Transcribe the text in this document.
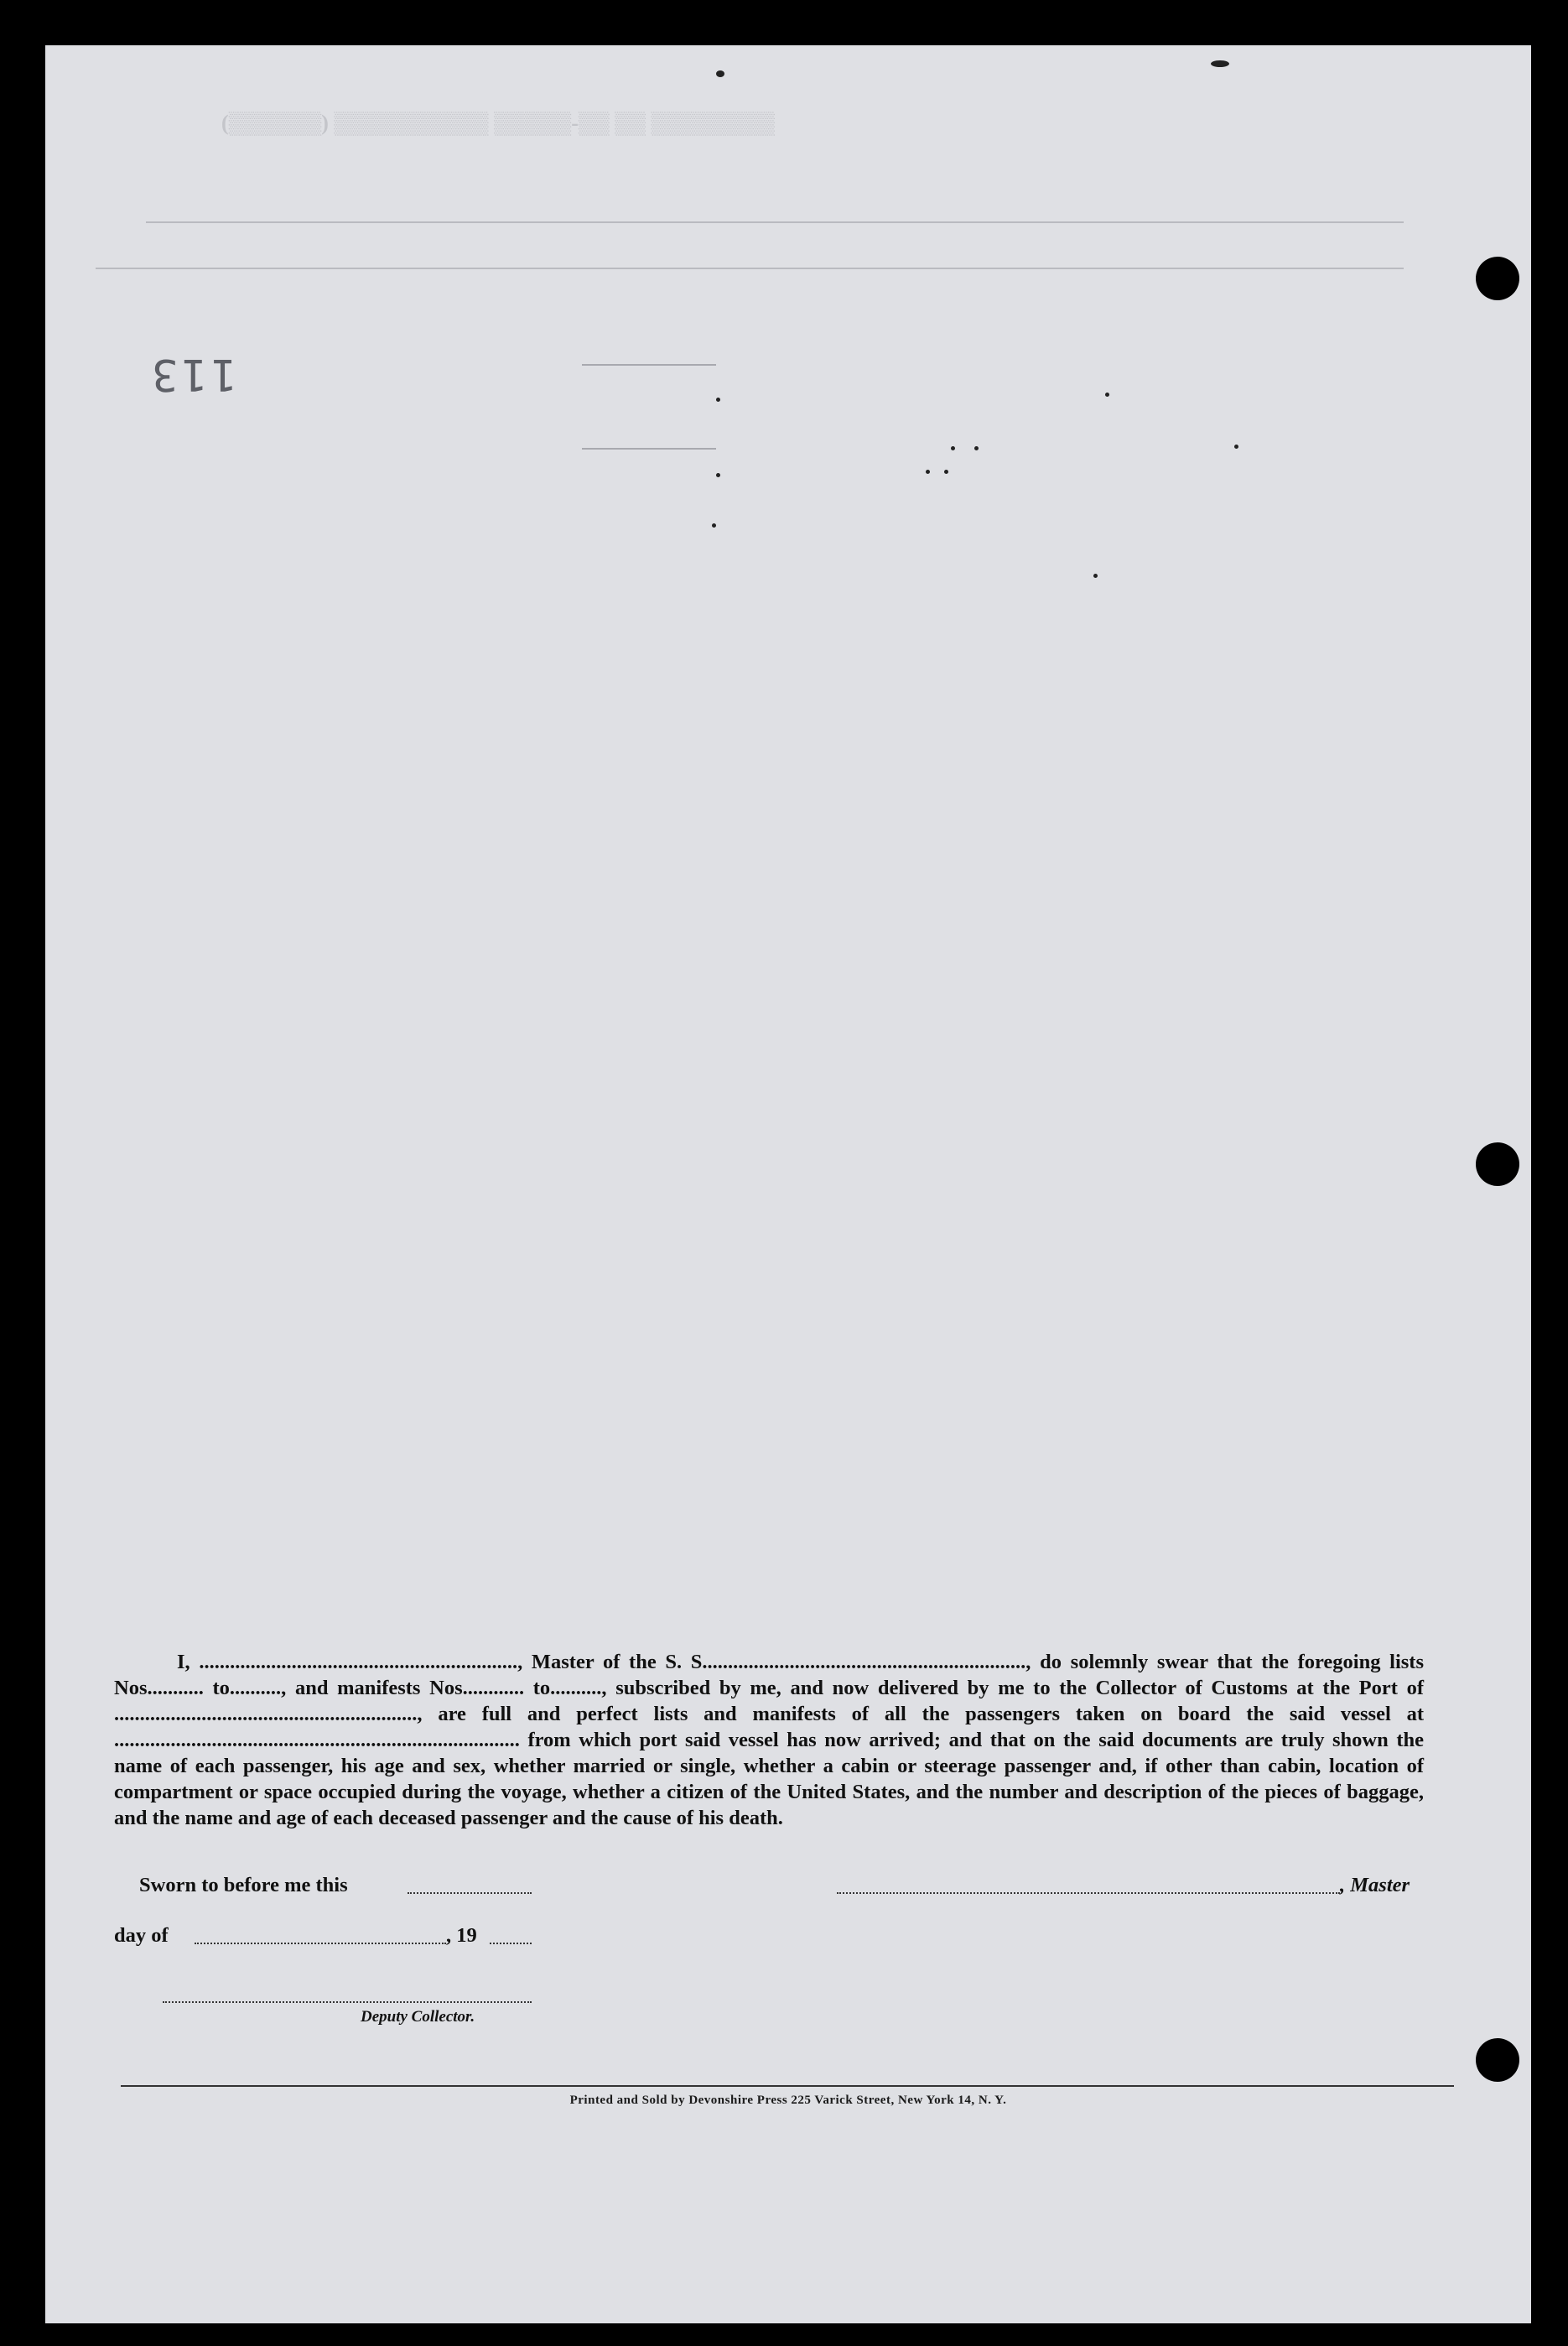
▒▒▒▒▒▒▒▒ ▒▒ ▒▒-▒▒▒▒▒ ▒▒▒▒▒▒▒▒▒▒ (▒▒▒▒▒▒)
113

I, .............................................................., Master of the S. S..............................................................., do solemnly swear that the foregoing lists Nos........... to.........., and manifests Nos............ to.........., subscribed by me, and now delivered by me to the Collector of Customs at the Port of ..........................................................., are full and perfect lists and manifests of all the passengers taken on board the said vessel at ............................................................................... from which port said vessel has now arrived; and that on the said documents are truly shown the name of each passenger, his age and sex, whether married or single, whether a cabin or steerage passenger and, if other than cabin, location of compartment or space occupied during the voyage, whether a citizen of the United States, and the number and description of the pieces of baggage, and the name and age of each deceased passenger and the cause of his death.

Sworn to before me this	, Master
day of	, 19
Deputy Collector.
Printed and Sold by Devonshire Press 225 Varick Street, New York 14, N. Y.
